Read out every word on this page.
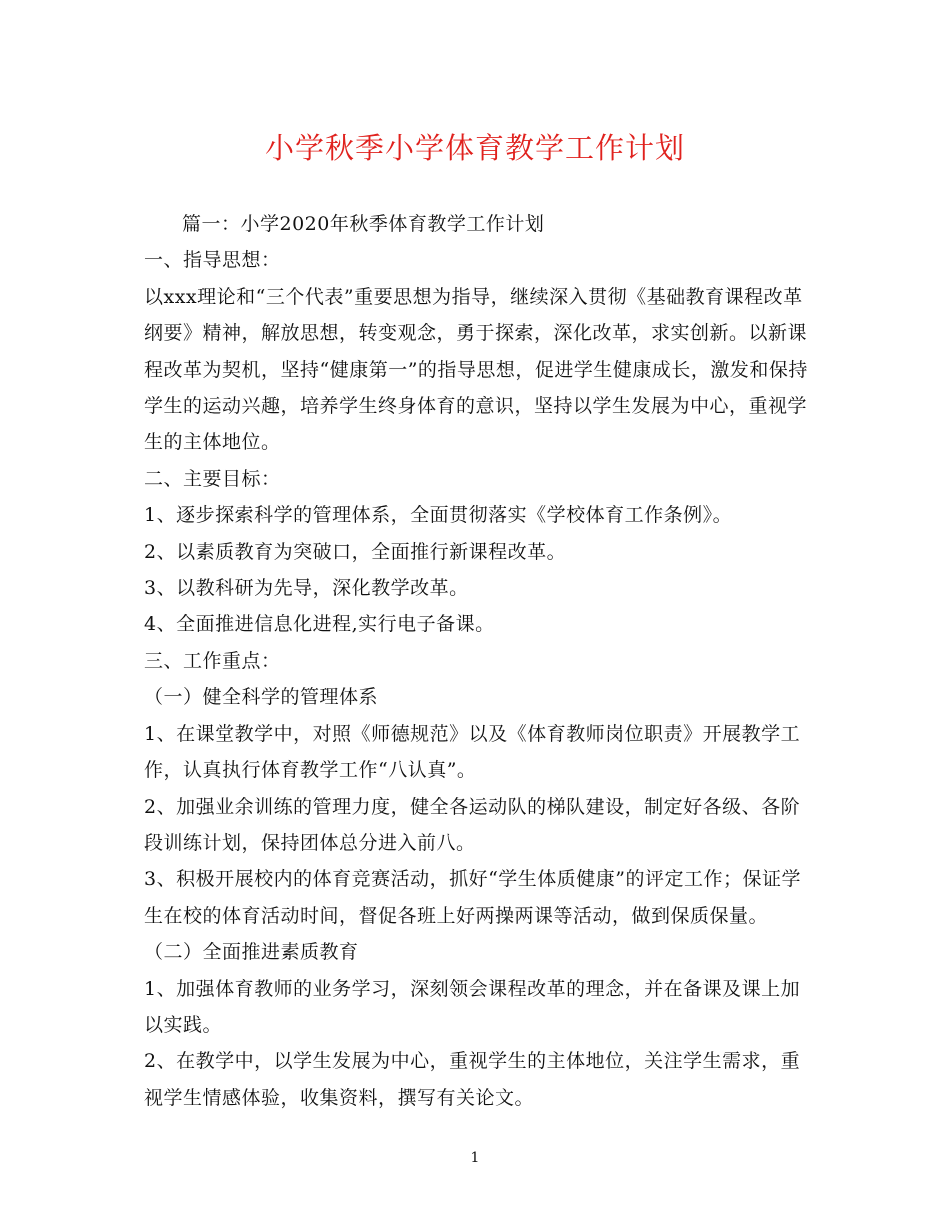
小学秋季小学体育教学工作计划

篇一：小学2020年秋季体育教学工作计划

一、指导思想：

以xxx理论和“三个代表”重要思想为指导，继续深入贯彻《基础教育课程改革纲要》精神，解放思想，转变观念，勇于探索，深化改革，求实创新。以新课程改革为契机，坚持“健康第一”的指导思想，促进学生健康成长，激发和保持学生的运动兴趣，培养学生终身体育的意识，坚持以学生发展为中心，重视学生的主体地位。

二、主要目标：

1、逐步探索科学的管理体系，全面贯彻落实《学校体育工作条例》。

2、以素质教育为突破口，全面推行新课程改革。

3、以教科研为先导，深化教学改革。

4、全面推进信息化进程,实行电子备课。

三、工作重点：

（一）健全科学的管理体系

1、在课堂教学中，对照《师德规范》以及《体育教师岗位职责》开展教学工作，认真执行体育教学工作“八认真”。

2、加强业余训练的管理力度，健全各运动队的梯队建设，制定好各级、各阶段训练计划，保持团体总分进入前八。

3、积极开展校内的体育竞赛活动，抓好“学生体质健康”的评定工作；保证学生在校的体育活动时间，督促各班上好两操两课等活动，做到保质保量。

（二）全面推进素质教育

1、加强体育教师的业务学习，深刻领会课程改革的理念，并在备课及课上加以实践。

2、在教学中，以学生发展为中心，重视学生的主体地位，关注学生需求，重视学生情感体验，收集资料，撰写有关论文。

1
